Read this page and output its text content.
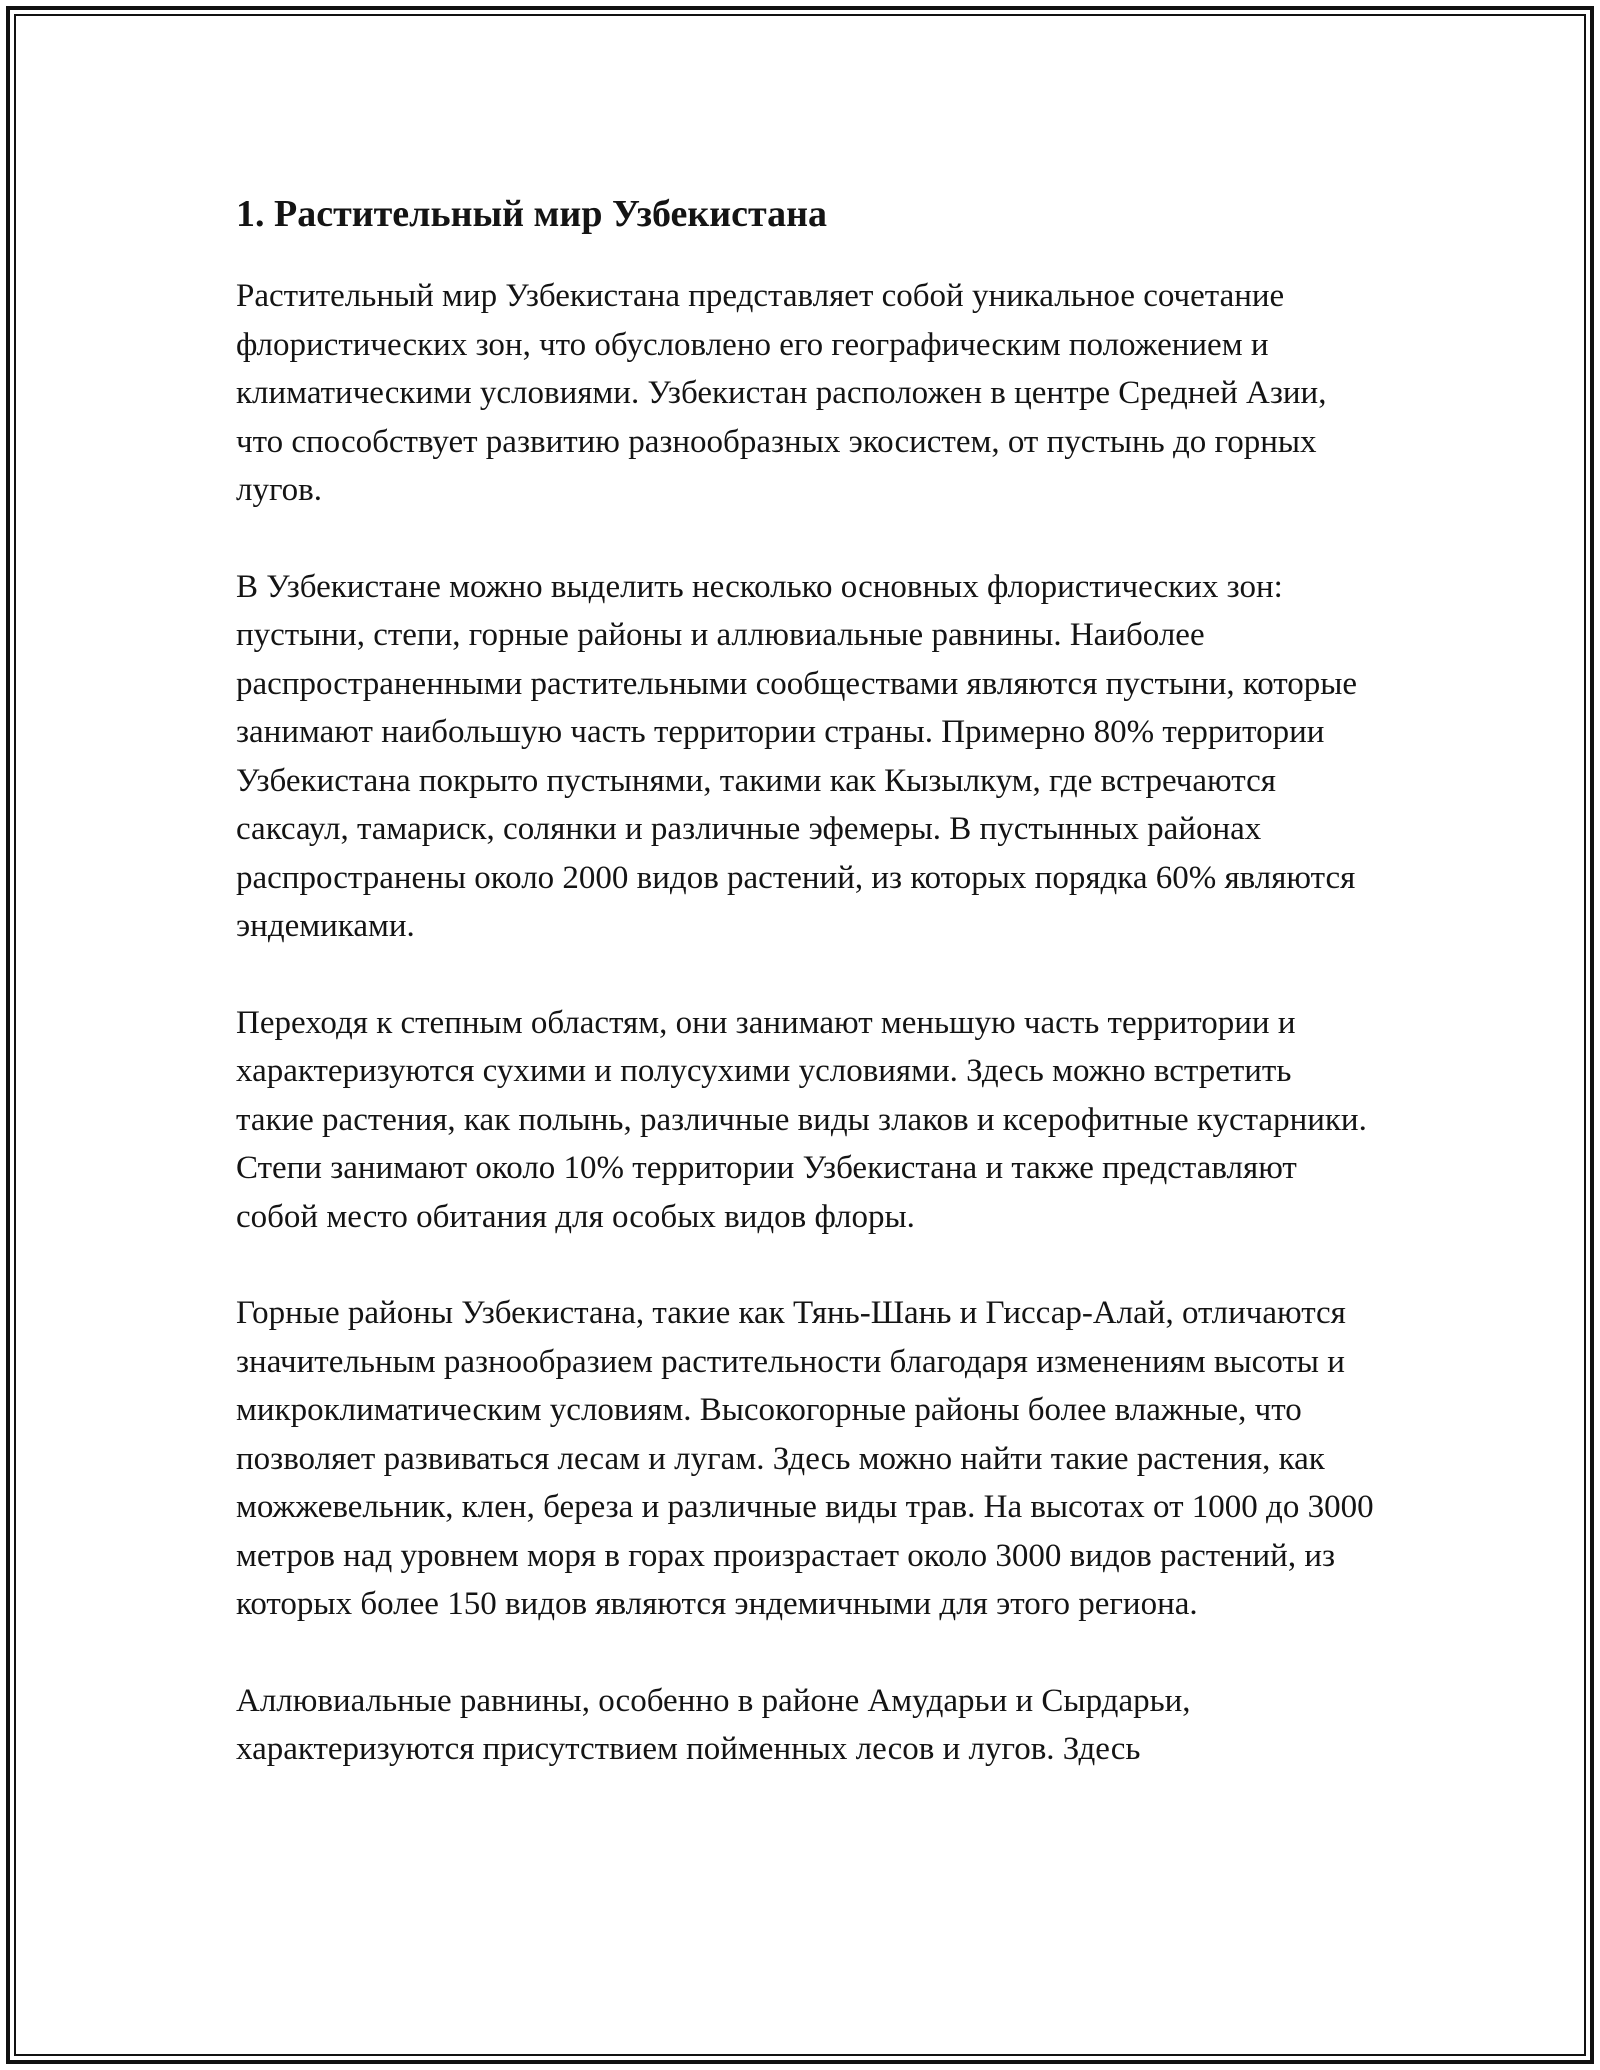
1. Растительный мир Узбекистана

Растительный мир Узбекистана представляет собой уникальное сочетание флористических зон, что обусловлено его географическим положением и климатическими условиями. Узбекистан расположен в центре Средней Азии, что способствует развитию разнообразных экосистем, от пустынь до горных лугов.

В Узбекистане можно выделить несколько основных флористических зон: пустыни, степи, горные районы и аллювиальные равнины. Наиболее распространенными растительными сообществами являются пустыни, которые занимают наибольшую часть территории страны. Примерно 80% территории Узбекистана покрыто пустынями, такими как Кызылкум, где встречаются саксаул, тамариск, солянки и различные эфемеры. В пустынных районах распространены около 2000 видов растений, из которых порядка 60% являются эндемиками.

Переходя к степным областям, они занимают меньшую часть территории и характеризуются сухими и полусухими условиями. Здесь можно встретить такие растения, как полынь, различные виды злаков и ксерофитные кустарники. Степи занимают около 10% территории Узбекистана и также представляют собой место обитания для особых видов флоры.

Горные районы Узбекистана, такие как Тянь-Шань и Гиссар-Алай, отличаются значительным разнообразием растительности благодаря изменениям высоты и микроклиматическим условиям. Высокогорные районы более влажные, что позволяет развиваться лесам и лугам. Здесь можно найти такие растения, как можжевельник, клен, береза и различные виды трав. На высотах от 1000 до 3000 метров над уровнем моря в горах произрастает около 3000 видов растений, из которых более 150 видов являются эндемичными для этого региона.

Аллювиальные равнины, особенно в районе Амударьи и Сырдарьи, характеризуются присутствием пойменных лесов и лугов. Здесь
